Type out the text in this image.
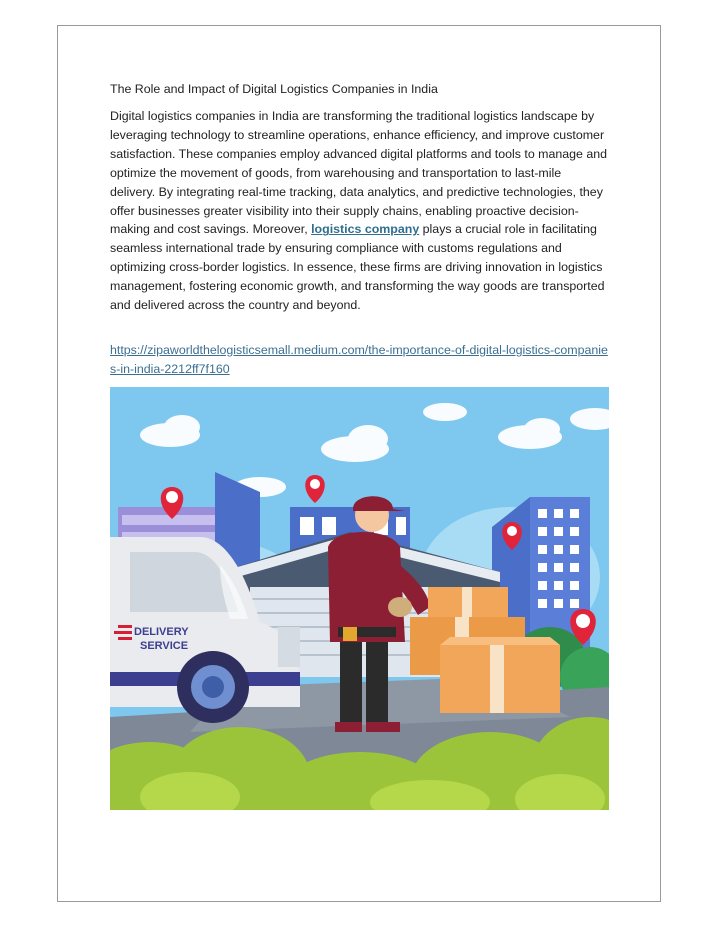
The Role and Impact of Digital Logistics Companies in India
Digital logistics companies in India are transforming the traditional logistics landscape by leveraging technology to streamline operations, enhance efficiency, and improve customer satisfaction. These companies employ advanced digital platforms and tools to manage and optimize the movement of goods, from warehousing and transportation to last-mile delivery. By integrating real-time tracking, data analytics, and predictive technologies, they offer businesses greater visibility into their supply chains, enabling proactive decision-making and cost savings. Moreover, logistics company plays a crucial role in facilitating seamless international trade by ensuring compliance with customs regulations and optimizing cross-border logistics. In essence, these firms are driving innovation in logistics management, fostering economic growth, and transforming the way goods are transported and delivered across the country and beyond.
https://zipaworldthelogisticsemall.medium.com/the-importance-of-digital-logistics-companies-in-india-2212ff7f160
DELIVERY
SERVICE
